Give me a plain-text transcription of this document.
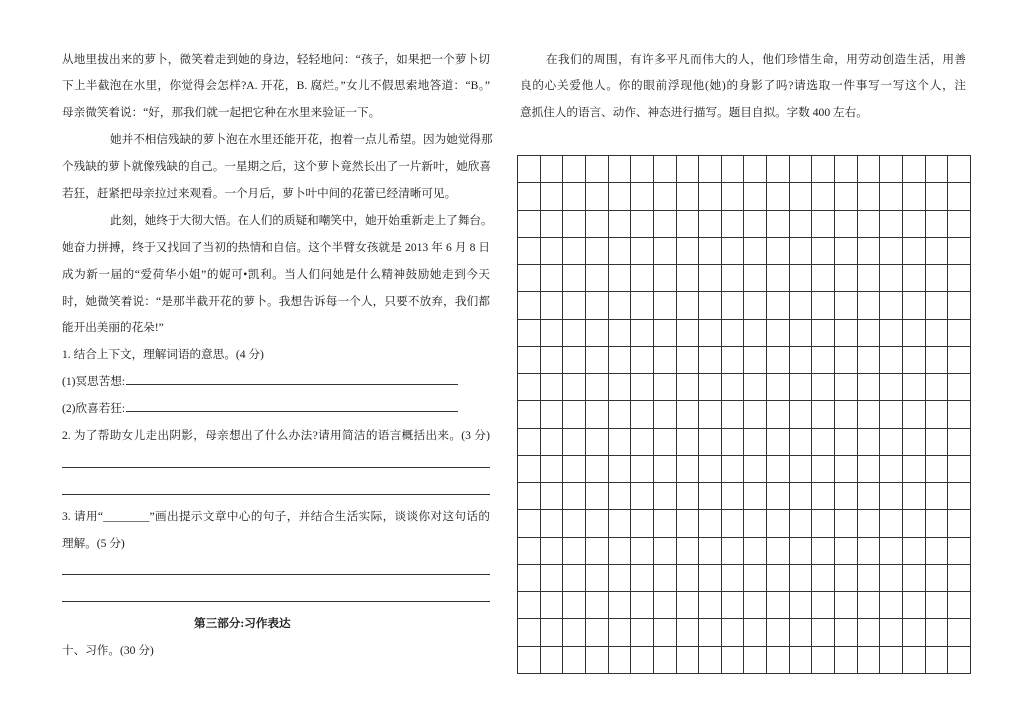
从地里拔出来的萝卜，微笑着走到她的身边，轻轻地问：“孩子，如果把一个萝卜切
下上半截泡在水里，你觉得会怎样?A. 开花，B. 腐烂。”女儿不假思索地答道：“B。”
母亲微笑着说：“好，那我们就一起把它种在水里来验证一下。
她并不相信残缺的萝卜泡在水里还能开花，抱着一点儿希望。因为她觉得那
个残缺的萝卜就像残缺的自己。一星期之后，这个萝卜竟然长出了一片新叶，她欣喜
若狂，赶紧把母亲拉过来观看。一个月后，萝卜叶中间的花蕾已经清晰可见。
此刻，她终于大彻大悟。在人们的质疑和嘲笑中，她开始重新走上了舞台。
她奋力拼搏，终于又找回了当初的热情和自信。这个半臂女孩就是 2013 年 6 月 8 日
成为新一届的“爱荷华小姐”的妮可•凯利。当人们问她是什么精神鼓励她走到今天
时，她微笑着说：“是那半截开花的萝卜。我想告诉每一个人，只要不放弃，我们都
能开出美丽的花朵!”
1. 结合上下文，理解词语的意思。(4 分)
(1)冥思苦想:
(2)欣喜若狂:
2. 为了帮助女儿走出阴影，母亲想出了什么办法?请用简洁的语言概括出来。(3 分)
3. 请用“________”画出提示文章中心的句子，并结合生活实际，谈谈你对这句话的
理解。(5 分)
第三部分:习作表达
十、习作。(30 分)
在我们的周围，有许多平凡而伟大的人，他们珍惜生命，用劳动创造生活，用善
良的心关爱他人。你的眼前浮现他(她)的身影了吗?请选取一件事写一写这个人，注
意抓住人的语言、动作、神态进行描写。题目自拟。字数 400 左右。
